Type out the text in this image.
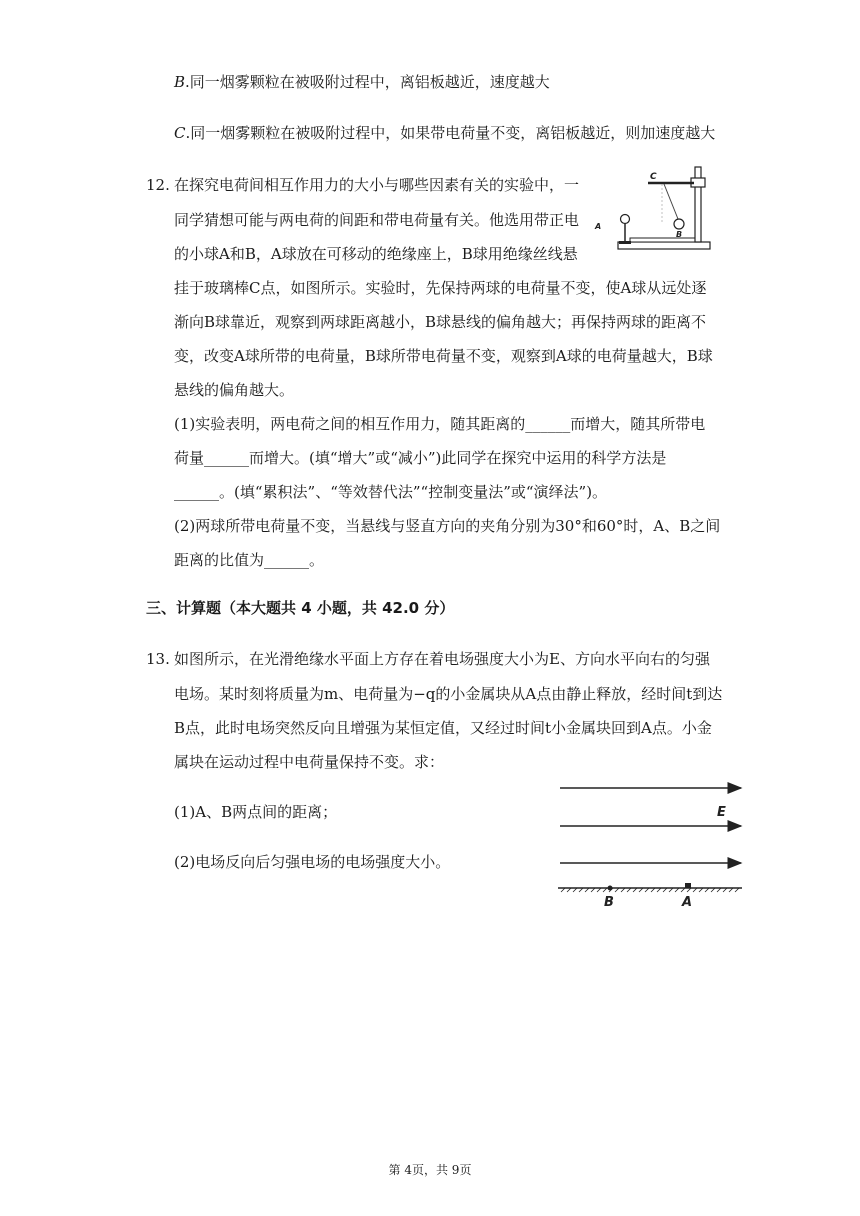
B.同一烟雾颗粒在被吸附过程中，离铝板越近，速度越大
C.同一烟雾颗粒在被吸附过程中，如果带电荷量不变，离铝板越近，则加速度越大
12. 在探究电荷间相互作用力的大小与哪些因素有关的实验中，一
同学猜想可能与两电荷的间距和带电荷量有关。他选用带正电
的小球A和B，A球放在可移动的绝缘座上，B球用绝缘丝线悬
挂于玻璃棒C点，如图所示。实验时，先保持两球的电荷量不变，使A球从远处逐
渐向B球靠近，观察到两球距离越小，B球悬线的偏角越大；再保持两球的距离不
变，改变A球所带的电荷量，B球所带电荷量不变，观察到A球的电荷量越大，B球
悬线的偏角越大。
(1)实验表明，两电荷之间的相互作用力，随其距离的______而增大，随其所带电
荷量______而增大。(填“增大”或“减小”)此同学在探究中运用的科学方法是
______。(填“累积法”、“等效替代法”“控制变量法”或“演绎法”)。
(2)两球所带电荷量不变，当悬线与竖直方向的夹角分别为30°和60°时，A、B之间
距离的比值为______。
C
B
A
三、计算题（本大题共 4 小题，共 42.0 分）
13. 如图所示，在光滑绝缘水平面上方存在着电场强度大小为E、方向水平向右的匀强
电场。某时刻将质量为m、电荷量为−q的小金属块从A点由静止释放，经时间t到达
B点，此时电场突然反向且增强为某恒定值，又经过时间t小金属块回到A点。小金
属块在运动过程中电荷量保持不变。求：
(1)A、B两点间的距离；
(2)电场反向后匀强电场的电场强度大小。
E
B	A
第 4页，共 9页
